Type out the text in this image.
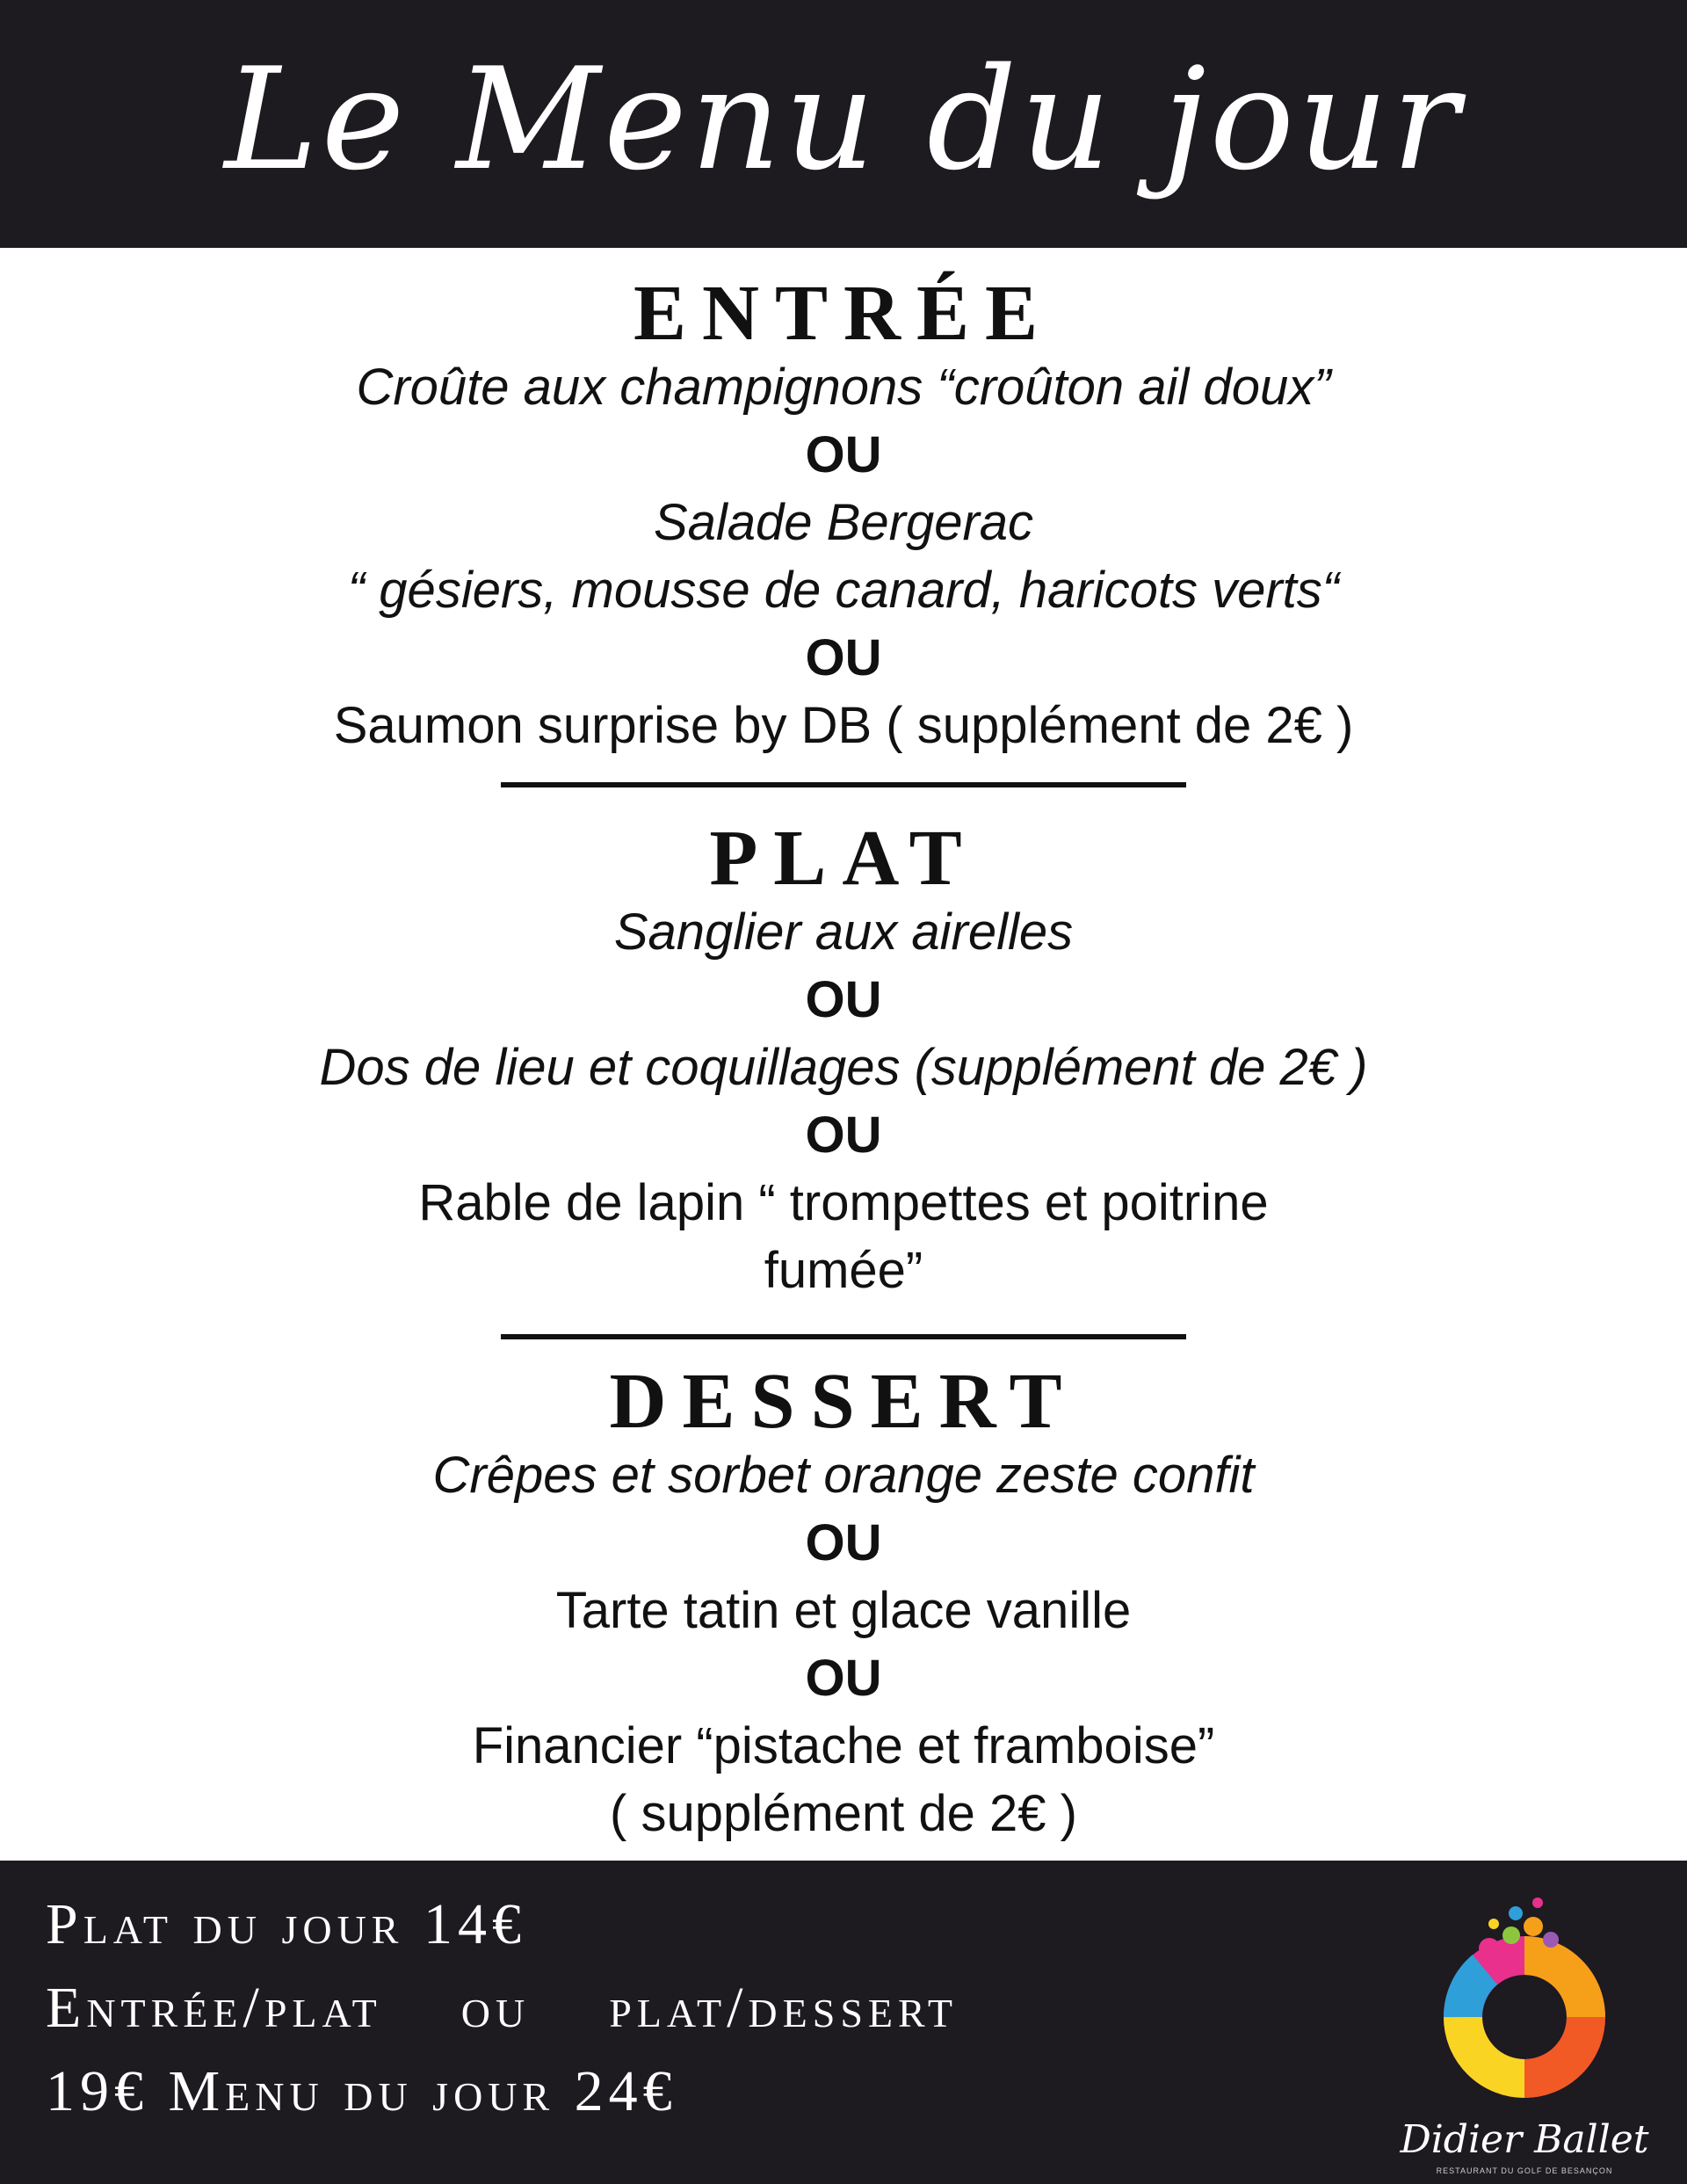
Le Menu du jour

ENTRÉE

Croûte aux champignons “croûton ail doux”

OU

Salade Bergerac

“ gésiers, mousse de canard, haricots verts“

OU

Saumon surprise by DB ( supplément de 2€ )

PLAT

Sanglier aux airelles

OU

Dos de lieu et coquillages (supplément de 2€ )

OU

Rable de lapin “ trompettes et poitrine

fumée”

DESSERT

Crêpes et sorbet orange zeste confit

OU

Tarte tatin et glace vanille

OU

Financier “pistache et framboise”

( supplément de 2€ )

Plat du jour 14€
Entrée/plat    ou    plat/dessert
19€ Menu du jour 24€
Didier Ballet
RESTAURANT DU GOLF DE BESANÇON
